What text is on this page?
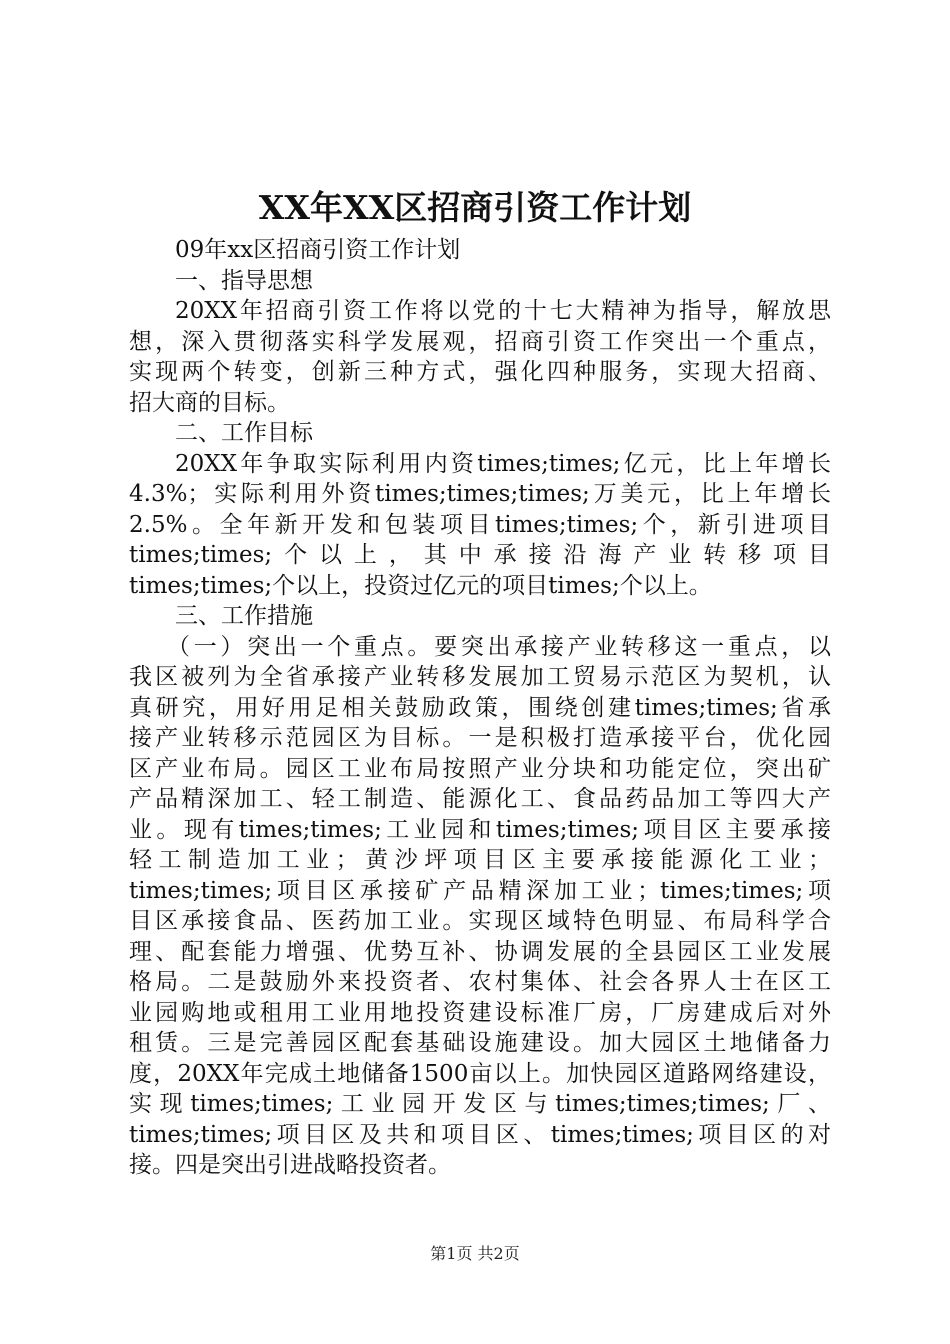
XX年XX区招商引资工作计划
09年xx区招商引资工作计划
一、指导思想
20XX年招商引资工作将以党的十七大精神为指导，解放思
想，深入贯彻落实科学发展观，招商引资工作突出一个重点，
实现两个转变，创新三种方式，强化四种服务，实现大招商、
招大商的目标。
二、工作目标
20XX年争取实际利用内资times;times;亿元，比上年增长
4.3%；实际利用外资times;times;times;万美元，比上年增长
2.5%。全年新开发和包装项目times;times;个，新引进项目
times;times;个以上，其中承接沿海产业转移项目
times;times;个以上，投资过亿元的项目times;个以上。
三、工作措施
（一）突出一个重点。要突出承接产业转移这一重点，以
我区被列为全省承接产业转移发展加工贸易示范区为契机，认
真研究，用好用足相关鼓励政策，围绕创建times;times;省承
接产业转移示范园区为目标。一是积极打造承接平台，优化园
区产业布局。园区工业布局按照产业分块和功能定位，突出矿
产品精深加工、轻工制造、能源化工、食品药品加工等四大产
业。现有times;times;工业园和times;times;项目区主要承接
轻工制造加工业；黄沙坪项目区主要承接能源化工业；
times;times;项目区承接矿产品精深加工业；times;times;项
目区承接食品、医药加工业。实现区域特色明显、布局科学合
理、配套能力增强、优势互补、协调发展的全县园区工业发展
格局。二是鼓励外来投资者、农村集体、社会各界人士在区工
业园购地或租用工业用地投资建设标准厂房，厂房建成后对外
租赁。三是完善园区配套基础设施建设。加大园区土地储备力
度，20XX年完成土地储备1500亩以上。加快园区道路网络建设，
实现times;times;工业园开发区与times;times;times;厂、
times;times;项目区及共和项目区、times;times;项目区的对
接。四是突出引进战略投资者。
第1页 共2页
